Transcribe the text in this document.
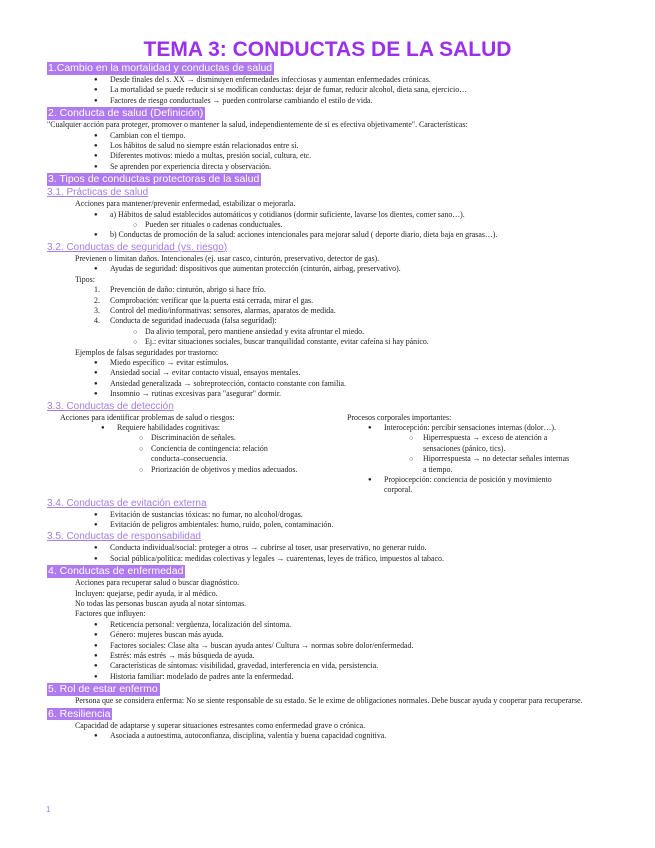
TEMA 3: CONDUCTAS DE LA SALUD
1.Cambio en la mortalidad y conductas de salud
● Desde finales del s. XX → disminuyen enfermedades infecciosas y aumentan enfermedades crónicas.
● La mortalidad se puede reducir si se modifican conductas: dejar de fumar, reducir alcohol, dieta sana, ejercicio…
● Factores de riesgo conductuales → pueden controlarse cambiando el estilo de vida.
2. Conducta de salud (Definición)

"Cualquier acción para proteger, promover o mantener la salud, independientemente de si es efectiva objetivamente". Características:

● Cambian con el tiempo.
● Los hábitos de salud no siempre están relacionados entre sí.
● Diferentes motivos: miedo a multas, presión social, cultura, etc.
● Se aprenden por experiencia directa y observación.
3. Tipos de conductas protectoras de la salud
3.1. Prácticas de salud

Acciones para mantener/prevenir enfermedad, estabilizar o mejorarla.

● a) Hábitos de salud establecidos automáticos y cotidianos (dormir suficiente, lavarse los dientes, comer sano…).
○ Pueden ser rituales o cadenas conductuales.
● b) Conductas de promoción de la salud: acciones intencionales para mejorar salud ( deporte diario, dieta baja en grasas…).
3.2. Conductas de seguridad (vs. riesgo)

Previenen o limitan daños. Intencionales (ej. usar casco, cinturón, preservativo, detector de gas).

● Ayudas de seguridad: dispositivos que aumentan protección (cinturón, airbag, preservativo).

Tipos:

1. Prevención de daño: cinturón, abrigo si hace frío.
2. Comprobación: verificar que la puerta está cerrada, mirar el gas.
3. Control del medio/informativas: sensores, alarmas, aparatos de medida.
4. Conducta de seguridad inadecuada (falsa seguridad):
○ Da alivio temporal, pero mantiene ansiedad y evita afrontar el miedo.
○ Ej.: evitar situaciones sociales, buscar tranquilidad constante, evitar cafeína si hay pánico.

Ejemplos de falsas seguridades por trastorno:

● Miedo específico → evitar estímulos.
● Ansiedad social → evitar contacto visual, ensayos mentales.
● Ansiedad generalizada → sobreprotección, contacto constante con familia.
● Insomnio → rutinas excesivas para "asegurar" dormir.
3.3. Conductas de detección

Acciones para identificar problemas de salud o riesgos:

● Requiere habilidades cognitivas:
○ Discriminación de señales.
○ Conciencia de contingencia: relación conducta–consecuencia.
○ Priorización de objetivos y medios adecuados.

Procesos corporales importantes:

● Interocepción: percibir sensaciones internas (dolor…).
○ Hiperrespuesta → exceso de atención a sensaciones (pánico, tics).
○ Hiporrespuesta → no detectar señales internas a tiempo.
● Propiocepción: conciencia de posición y movimiento corporal.
3.4. Conductas de evitación externa
● Evitación de sustancias tóxicas: no fumar, no alcohol/drogas.
● Evitación de peligros ambientales: humo, ruido, polen, contaminación.
3.5. Conductas de responsabilidad
● Conducta individual/social: proteger a otros → cubrirse al toser, usar preservativo, no generar ruido.
● Social pública/política: medidas colectivas y legales → cuarentenas, leyes de tráfico, impuestos al tabaco.
4. Conductas de enfermedad

Acciones para recuperar salud o buscar diagnóstico.

Incluyen: quejarse, pedir ayuda, ir al médico.

No todas las personas buscan ayuda al notar síntomas.

Factores que influyen:

● Reticencia personal: vergüenza, localización del síntoma.
● Género: mujeres buscan más ayuda.
● Factores sociales: Clase alta → buscan ayuda antes/ Cultura → normas sobre dolor/enfermedad.
● Estrés: más estrés → más búsqueda de ayuda.
● Características de síntomas: visibilidad, gravedad, interferencia en vida, persistencia.
● Historia familiar: modelado de padres ante la enfermedad.
5. Rol de estar enfermo

Persona que se considera enferma: No se siente responsable de su estado. Se le exime de obligaciones normales. Debe buscar ayuda y cooperar para recuperarse.

6. Resiliencia

Capacidad de adaptarse y superar situaciones estresantes como enfermedad grave o crónica.

● Asociada a autoestima, autoconfianza, disciplina, valentía y buena capacidad cognitiva.
1
